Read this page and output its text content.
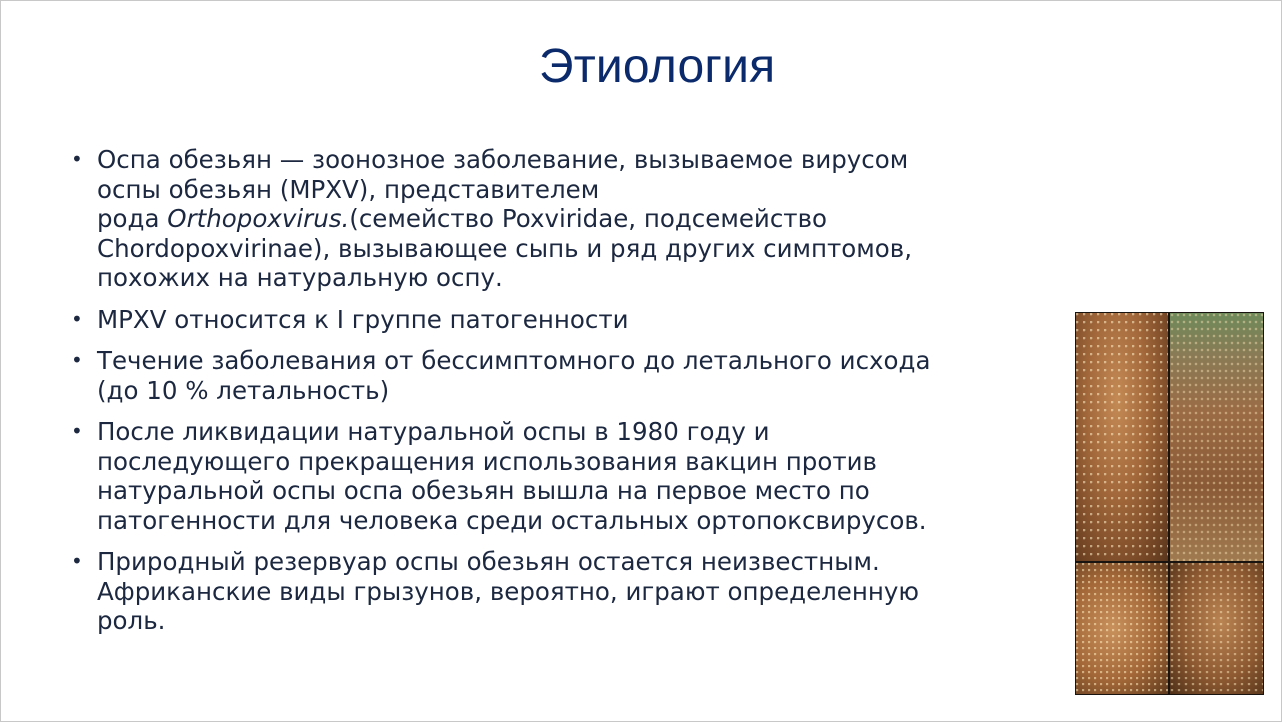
Этиология
• Оспа обезьян — зоонозное заболевание, вызываемое вирусом
оспы обезьян (MPXV), представителем
рода Orthopoxvirus.(семейство Poxviridae, подсемейство
Chordopoxvirinae), вызывающее сыпь и ряд других симптомов,
похожих на натуральную оспу.
• MPXV относится к I группе патогенности
• Течение заболевания от бессимптомного до летального исхода
(до 10 % летальность)
• После ликвидации натуральной оспы в 1980 году и
последующего прекращения использования вакцин против
натуральной оспы оспа обезьян вышла на первое место по
патогенности для человека среди остальных ортопоксвирусов.
• Природный резервуар оспы обезьян остается неизвестным.
Африканские виды грызунов, вероятно, играют определенную
роль.
